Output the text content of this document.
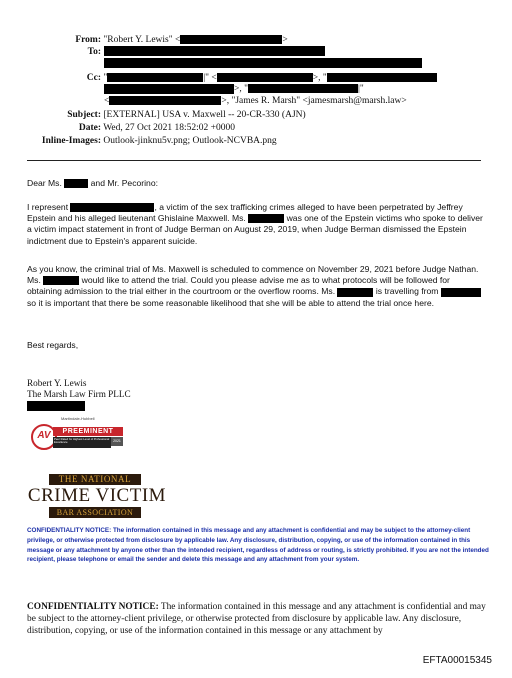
From: "Robert Y. Lewis" <	>
To:
Cc: "	|" <	>, "
>, "	|"
<	>, "James R. Marsh" <jamesmarsh@marsh.law>
Subject: [EXTERNAL] USA v. Maxwell -- 20-CR-330 (AJN)
Date: Wed, 27 Oct 2021 18:52:02 +0000
Inline-Images: Outlook-jinknu5v.png; Outlook-NCVBA.png
Dear Ms.	and Mr. Pecorino:

I represent	, a victim of the sex trafficking crimes alleged to have been perpetrated by Jeffrey Epstein and his alleged lieutenant Ghislaine Maxwell. Ms.	was one of the Epstein victims who spoke to deliver a victim impact statement in front of Judge Berman on August 29, 2019, when Judge Berman dismissed the Epstein indictment due to Epstein's apparent suicide.

As you know, the criminal trial of Ms. Maxwell is scheduled to commence on November 29, 2021 before Judge Nathan. Ms.	would like to attend the trial. Could you please advise me as to what protocols will be followed for obtaining admission to the trial either in the courtroom or the overflow rooms. Ms.	is travelling from  so it is important that there be some reasonable likelihood that she will be able to attend the trial once here.

Best regards,
Robert Y. Lewis
The Marsh Law Firm PLLC
Martindale-Hubbell
AV	PREEMINENT
Peer Rated for Highest Level of Professional Excellence	2021
THE NATIONAL
CRIME VICTIM
BAR ASSOCIATION
CONFIDENTIALITY NOTICE: The information contained in this message and any attachment is confidential and may be subject to the attorney-client privilege, or otherwise protected from disclosure by applicable law. Any disclosure, distribution, copying, or use of the information contained in this message or any attachment by anyone other than the intended recipient, regardless of address or routing, is strictly prohibited. If you are not the intended recipient, please telephone or email the sender and delete this message and any attachment from your system.
CONFIDENTIALITY NOTICE: The information contained in this message and any attachment is confidential and may be subject to the attorney-client privilege, or otherwise protected from disclosure by applicable law. Any disclosure, distribution, copying, or use of the information contained in this message or any attachment by
EFTA00015345
